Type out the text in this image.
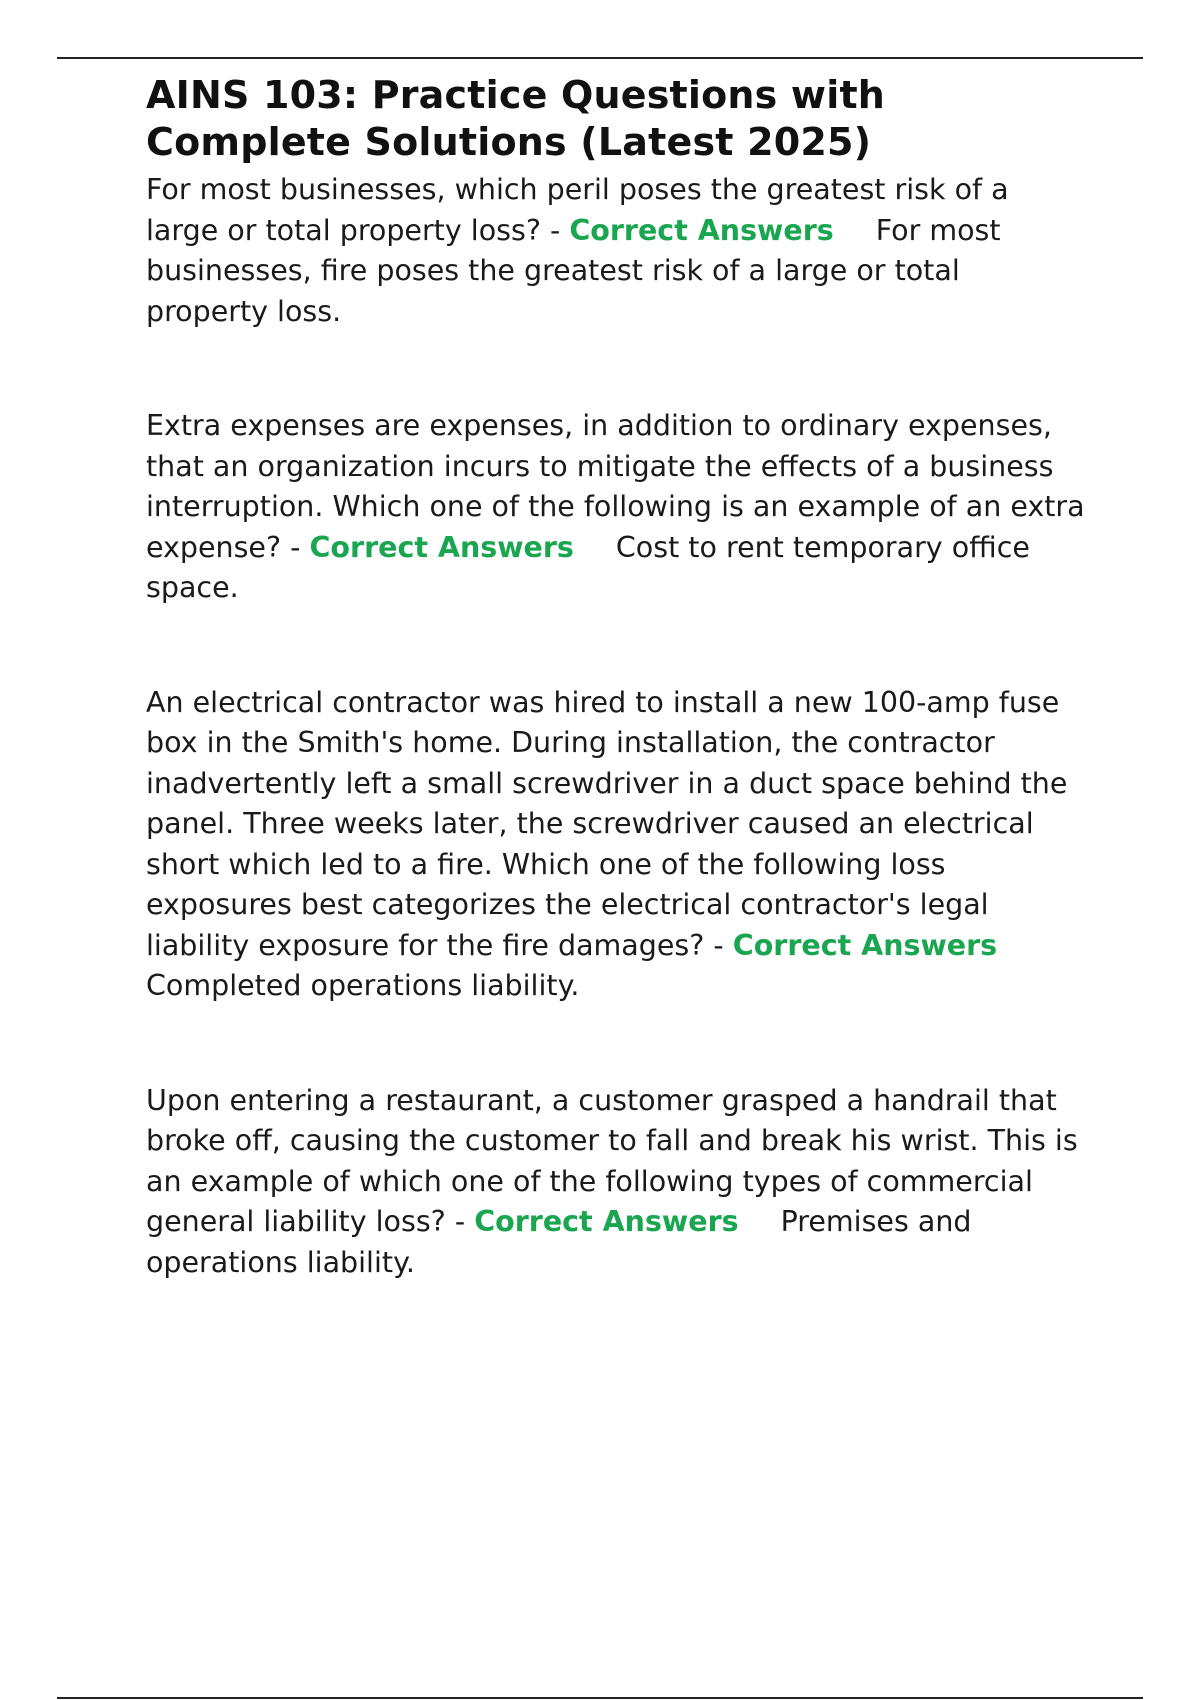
AINS 103: Practice Questions with Complete Solutions (Latest 2025)

For most businesses, which peril poses the greatest risk of a large or total property loss? - Correct Answers For most businesses, fire poses the greatest risk of a large or total property loss.

Extra expenses are expenses, in addition to ordinary expenses, that an organization incurs to mitigate the effects of a business interruption. Which one of the following is an example of an extra expense? - Correct Answers Cost to rent temporary office space.

An electrical contractor was hired to install a new 100-amp fuse box in the Smith's home. During installation, the contractor inadvertently left a small screwdriver in a duct space behind the panel. Three weeks later, the screwdriver caused an electrical short which led to a fire. Which one of the following loss exposures best categorizes the electrical contractor's legal liability exposure for the fire damages? - Correct AnswersCompleted operations liability.

Upon entering a restaurant, a customer grasped a handrail that broke off, causing the customer to fall and break his wrist. This is an example of which one of the following types of commercial general liability loss? - Correct Answers Premises and operations liability.
